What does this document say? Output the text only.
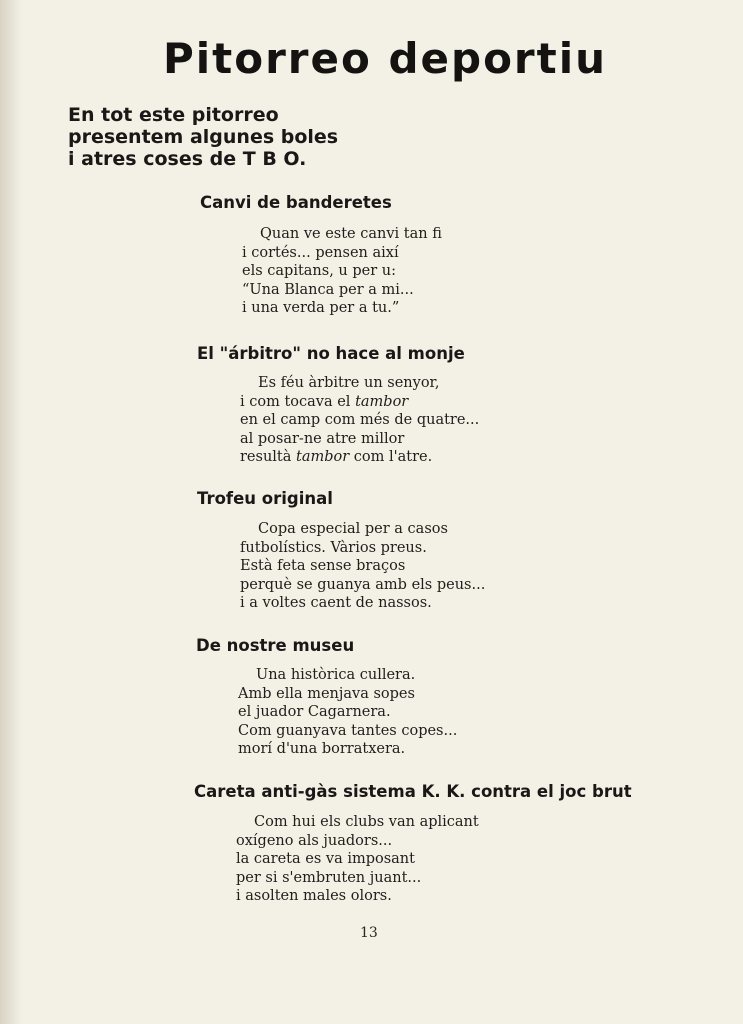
Pitorreo deportiu
En tot este pitorreo
presentem algunes boles
i atres coses de T B O.
Canvi de banderetes
Quan ve este canvi tan fi
i cortés... pensen així
els capitans, u per u:
“Una Blanca per a mi...
i una verda per a tu.”
El "árbitro" no hace al monje
Es féu àrbitre un senyor,
i com tocava el tambor
en el camp com més de quatre...
al posar-ne atre millor
resultà tambor com l'atre.
Trofeu original
Copa especial per a casos
futbolístics. Vàrios preus.
Està feta sense braços
perquè se guanya amb els peus...
i a voltes caent de nassos.
De nostre museu
Una històrica cullera.
Amb ella menjava sopes
el juador Cagarnera.
Com guanyava tantes copes...
morí d'una borratxera.
Careta anti-gàs sistema K. K. contra el joc brut
Com hui els clubs van aplicant
oxígeno als juadors...
la careta es va imposant
per si s'embruten juant...
i asolten males olors.
13
